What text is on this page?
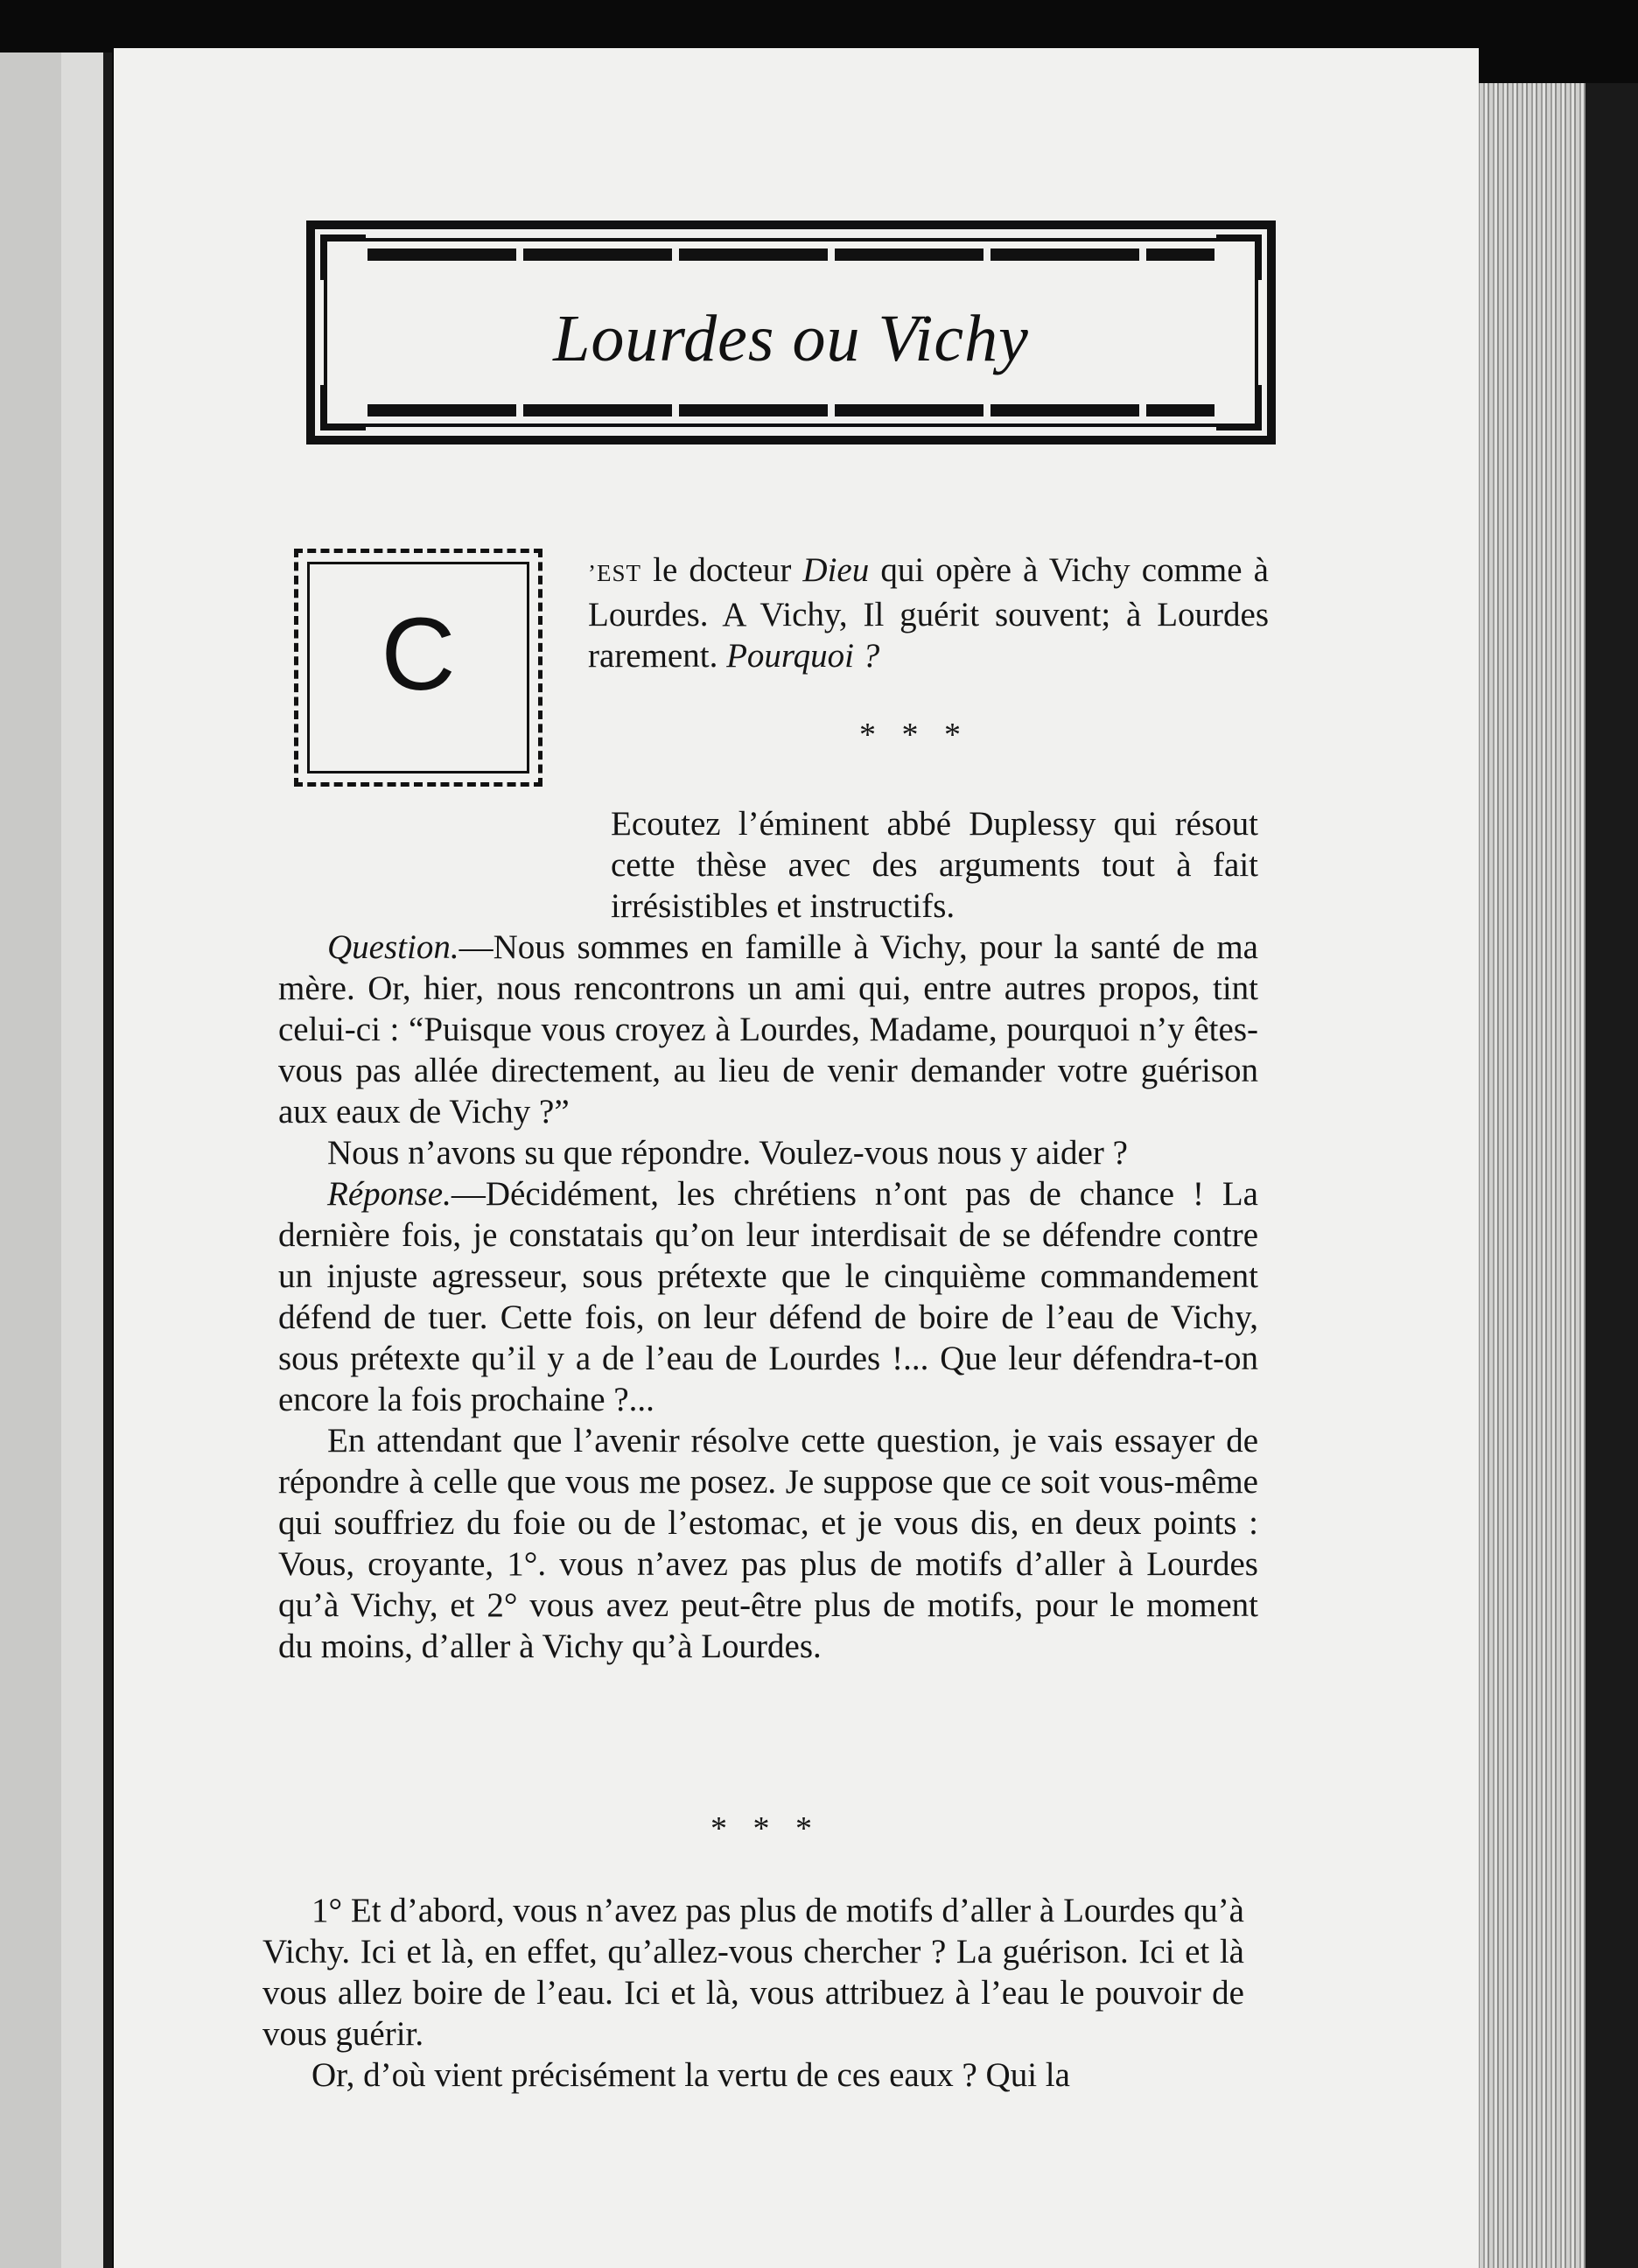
Lourdes ou Vichy
C

’EST le docteur Dieu qui opère à Vichy comme à Lourdes. A Vichy, Il guérit souvent; à Lourdes rarement. Pourquoi ?

* * *

Ecoutez l’éminent abbé Duplessy qui résout cette thèse avec des arguments tout à fait irrésistibles et instructifs.

Question.—Nous sommes en famille à Vichy, pour la santé de ma mère. Or, hier, nous rencontrons un ami qui, entre autres propos, tint celui-ci : “Puisque vous croyez à Lourdes, Madame, pourquoi n’y êtes-vous pas allée directement, au lieu de venir demander votre guérison aux eaux de Vichy ?”

Nous n’avons su que répondre. Voulez-vous nous y aider ?

Réponse.—Décidément, les chrétiens n’ont pas de chance ! La dernière fois, je constatais qu’on leur interdisait de se défendre contre un injuste agresseur, sous prétexte que le cinquième commandement défend de tuer. Cette fois, on leur défend de boire de l’eau de Vichy, sous prétexte qu’il y a de l’eau de Lourdes !... Que leur défendra-t-on encore la fois prochaine ?...

En attendant que l’avenir résolve cette question, je vais essayer de répondre à celle que vous me posez. Je suppose que ce soit vous-même qui souffriez du foie ou de l’estomac, et je vous dis, en deux points : Vous, croyante, 1°. vous n’avez pas plus de motifs d’aller à Lourdes qu’à Vichy, et 2° vous avez peut-être plus de motifs, pour le moment du moins, d’aller à Vichy qu’à Lourdes.

* * *

1° Et d’abord, vous n’avez pas plus de motifs d’aller à Lourdes qu’à Vichy. Ici et là, en effet, qu’allez-vous chercher ? La guérison. Ici et là vous allez boire de l’eau. Ici et là, vous attribuez à l’eau le pouvoir de vous guérir.

Or, d’où vient précisément la vertu de ces eaux ? Qui la
